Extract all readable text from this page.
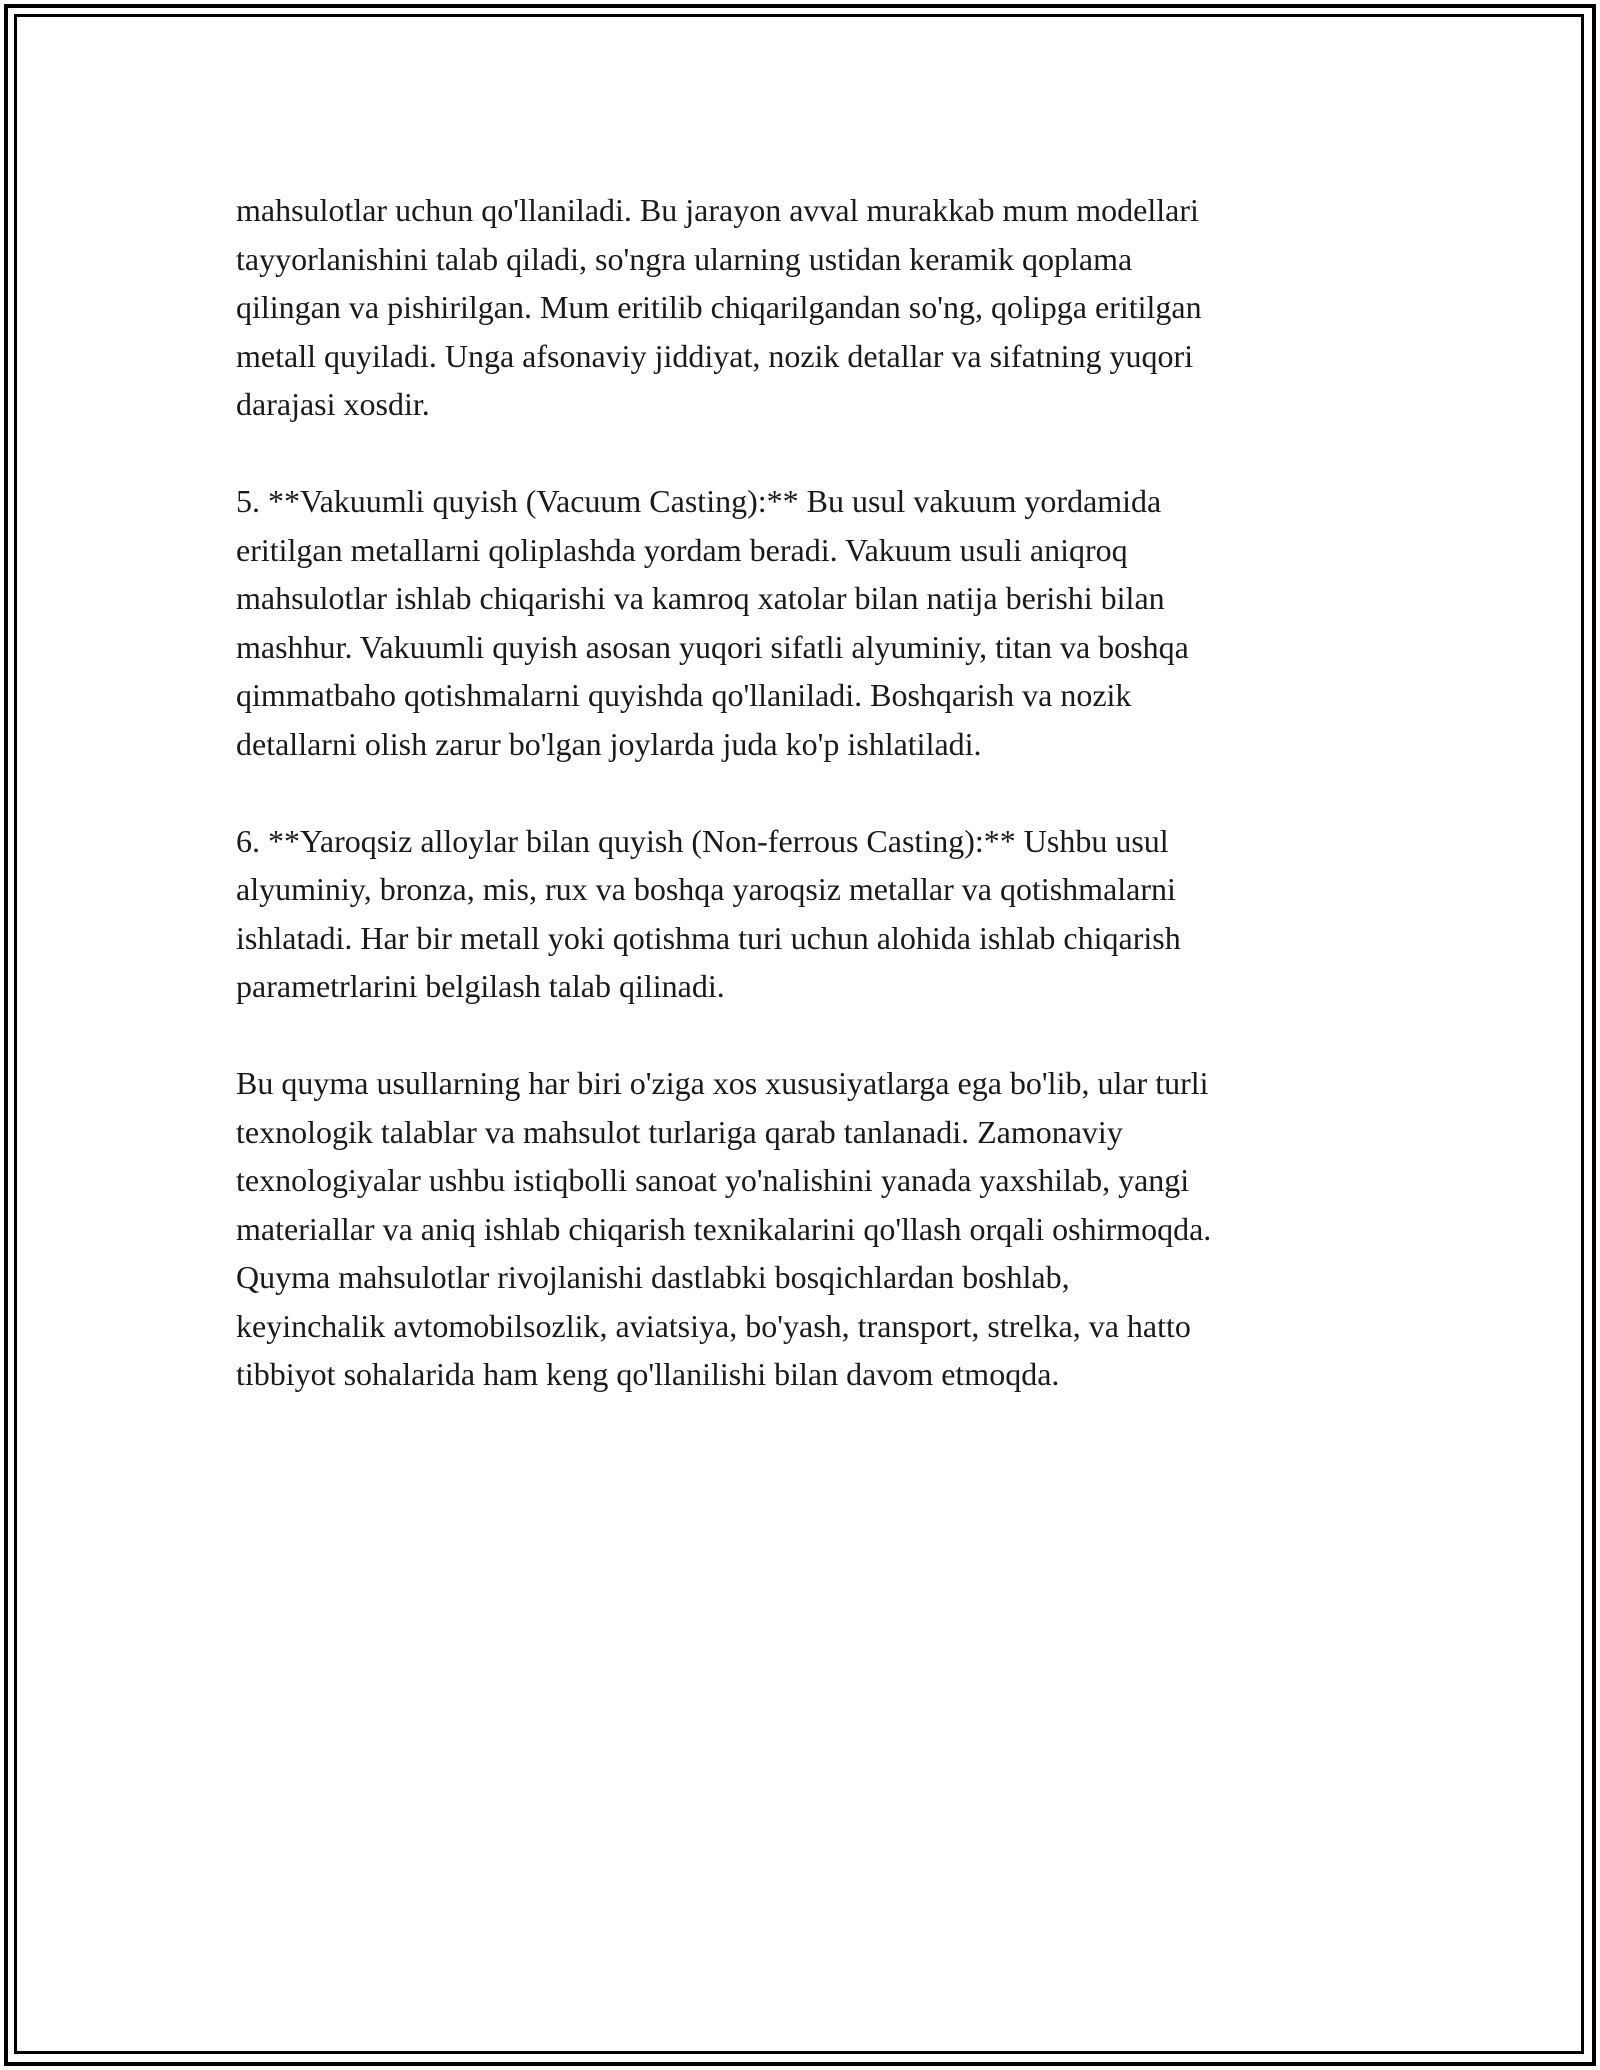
mahsulotlar uchun qo'llaniladi. Bu jarayon avval murakkab mum modellari
tayyorlanishini talab qiladi, so'ngra ularning ustidan keramik qoplama
qilingan va pishirilgan. Mum eritilib chiqarilgandan so'ng, qolipga eritilgan
metall quyiladi. Unga afsonaviy jiddiyat, nozik detallar va sifatning yuqori
darajasi xosdir.

5. **Vakuumli quyish (Vacuum Casting):** Bu usul vakuum yordamida
eritilgan metallarni qoliplashda yordam beradi. Vakuum usuli aniqroq
mahsulotlar ishlab chiqarishi va kamroq xatolar bilan natija berishi bilan
mashhur. Vakuumli quyish asosan yuqori sifatli alyuminiy, titan va boshqa
qimmatbaho qotishmalarni quyishda qo'llaniladi. Boshqarish va nozik
detallarni olish zarur bo'lgan joylarda juda ko'p ishlatiladi.

6. **Yaroqsiz alloylar bilan quyish (Non-ferrous Casting):** Ushbu usul
alyuminiy, bronza, mis, rux va boshqa yaroqsiz metallar va qotishmalarni
ishlatadi. Har bir metall yoki qotishma turi uchun alohida ishlab chiqarish
parametrlarini belgilash talab qilinadi.

Bu quyma usullarning har biri o'ziga xos xususiyatlarga ega bo'lib, ular turli
texnologik talablar va mahsulot turlariga qarab tanlanadi. Zamonaviy
texnologiyalar ushbu istiqbolli sanoat yo'nalishini yanada yaxshilab, yangi
materiallar va aniq ishlab chiqarish texnikalarini qo'llash orqali oshirmoqda.
Quyma mahsulotlar rivojlanishi dastlabki bosqichlardan boshlab,
keyinchalik avtomobilsozlik, aviatsiya, bo'yash, transport, strelka, va hatto
tibbiyot sohalarida ham keng qo'llanilishi bilan davom etmoqda.
